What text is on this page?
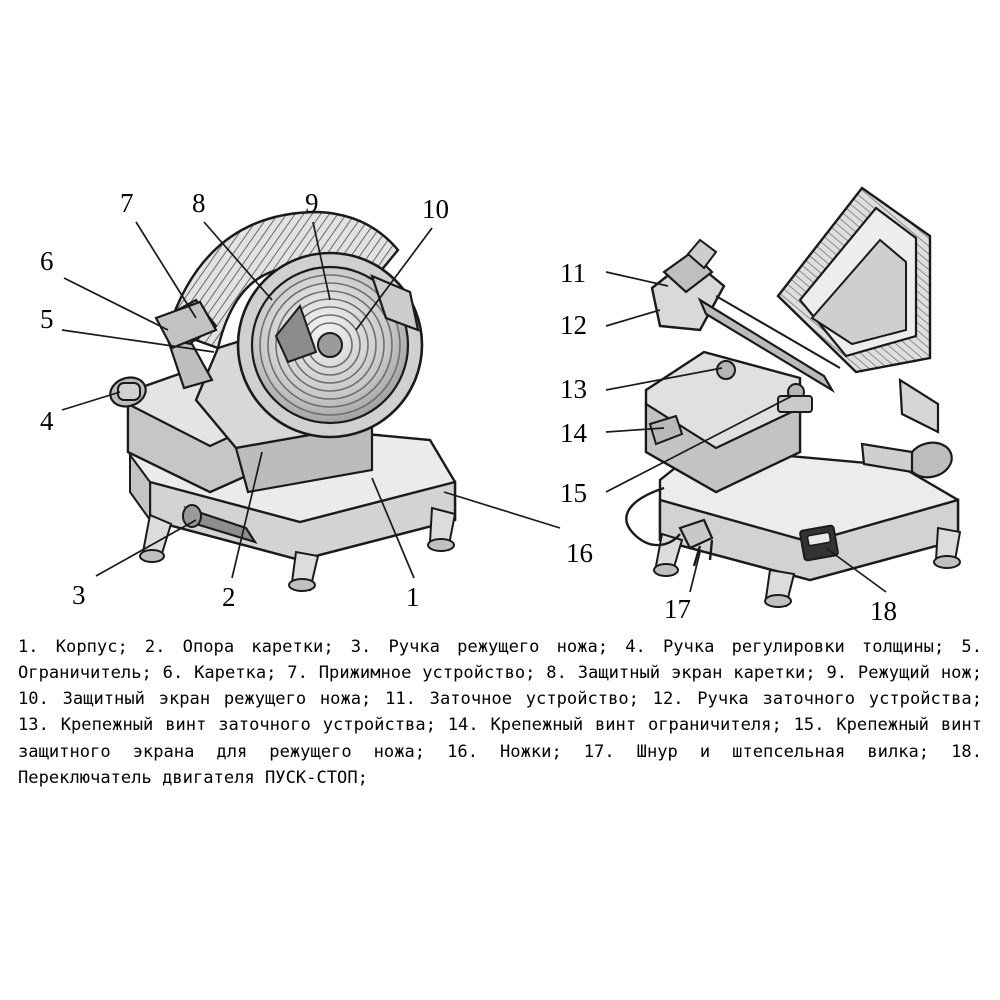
7 8	9	10
6
5
4
3	2	1
16
11
12
13
14
15
17	18
1. Корпус; 2. Опора каретки; 3. Ручка режущего ножа; 4. Ручка регулировки толщины; 5. Ограничитель; 6. Каретка; 7. Прижимное устройство; 8. Защитный экран каретки; 9. Режущий нож; 10. Защитный экран режущего ножа; 11. Заточное устройство; 12. Ручка заточного устройства; 13. Крепежный винт заточного устройства; 14. Крепежный винт ограничителя; 15. Крепежный винт защитного экрана для режущего ножа; 16. Ножки; 17. Шнур и штепсельная вилка; 18. Переключатель двигателя ПУСК-СТОП;
